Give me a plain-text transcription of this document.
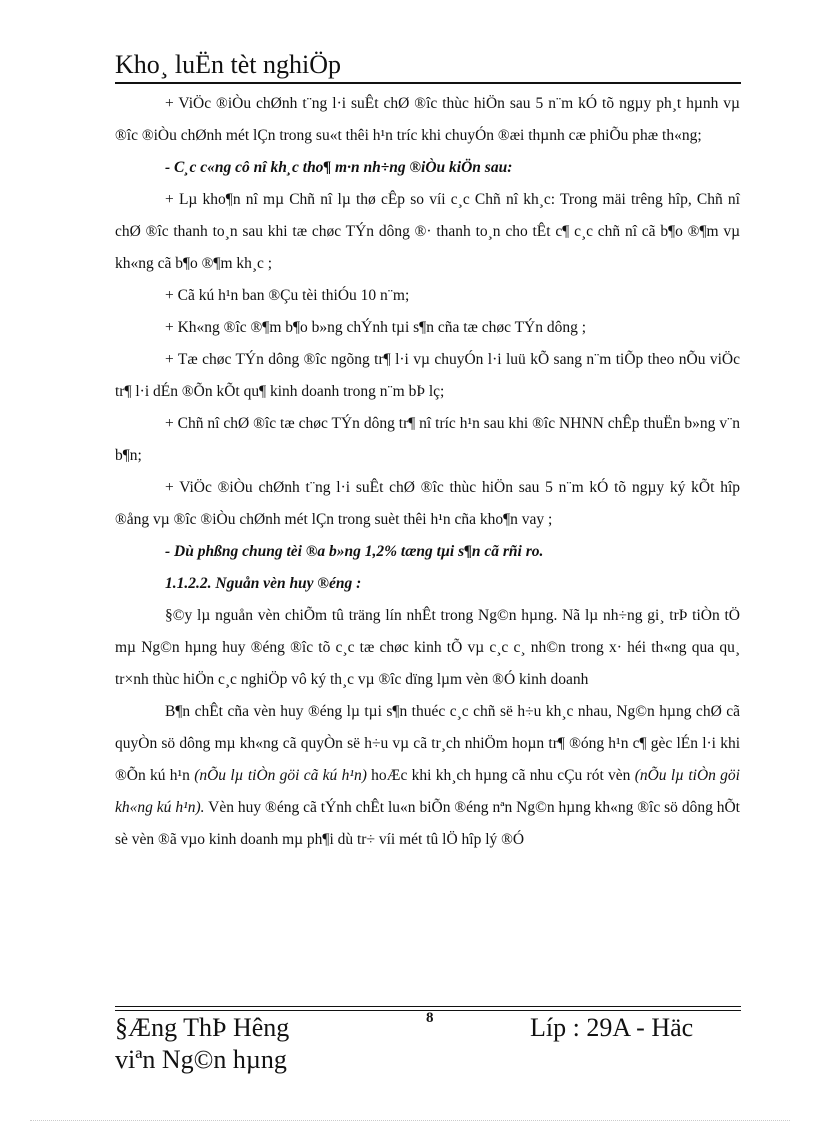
Kho¸ luËn tèt nghiÖp

+ ViÖc ®iÒu chØnh t¨ng l·i suÊt chØ ®îc thùc hiÖn sau 5 n¨m kÓ tõ ngµy ph¸t hµnh vµ ®îc ®iÒu chØnh mét lÇn trong su«t thêi h¹n tríc khi chuyÓn ®æi thµnh cæ phiÕu phæ th«ng;

- C¸c c«ng cô nî kh¸c tho¶ m·n nh÷ng ®iÒu kiÖn sau:

+ Lµ kho¶n nî mµ Chñ nî lµ thø cÊp so víi c¸c Chñ nî kh¸c: Trong mäi trêng hîp, Chñ nî chØ ®îc thanh to¸n sau khi tæ chøc TÝn dông ®· thanh to¸n cho tÊt c¶ c¸c chñ nî cã b¶o ®¶m vµ kh«ng cã b¶o ®¶m kh¸c ;

+ Cã kú h¹n ban ®Çu tèi thiÓu 10 n¨m;

+ Kh«ng ®îc ®¶m b¶o b»ng chÝnh tµi s¶n cña tæ chøc TÝn dông ;

+ Tæ chøc TÝn dông ®îc ngõng tr¶ l·i vµ chuyÓn l·i luü kÕ sang n¨m tiÕp theo nÕu viÖc tr¶ l·i dÉn ®Õn kÕt qu¶ kinh doanh trong n¨m bÞ lç;

+ Chñ nî chØ ®îc tæ chøc TÝn dông tr¶ nî tríc h¹n sau khi ®îc NHNN chÊp thuËn b»ng v¨n b¶n;

+ ViÖc ®iÒu chØnh t¨ng l·i suÊt chØ ®îc thùc hiÖn sau 5 n¨m kÓ tõ ngµy ký kÕt hîp ®ång vµ ®îc ®iÒu chØnh mét lÇn trong suèt thêi h¹n cña kho¶n vay ;

- Dù phßng chung tèi ®a b»ng 1,2% tæng tµi s¶n cã rñi ro.

1.1.2.2. Nguån vèn huy ®éng :

§©y lµ nguån vèn chiÕm tû träng lín nhÊt trong Ng©n hµng. Nã lµ nh÷ng gi¸ trÞ tiÒn tÖ mµ Ng©n hµng huy ®éng ®îc tõ c¸c tæ chøc kinh tÕ vµ c¸c c¸ nh©n trong x· héi th«ng qua qu¸ tr×nh thùc hiÖn c¸c nghiÖp vô ký th¸c vµ ®îc dïng lµm vèn ®Ó kinh doanh

B¶n chÊt cña vèn huy ®éng lµ tµi s¶n thuéc c¸c chñ së h÷u kh¸c nhau, Ng©n hµng chØ cã quyÒn sö dông mµ kh«ng cã quyÒn së h÷u vµ cã tr¸ch nhiÖm hoµn tr¶ ®óng h¹n c¶ gèc lÉn l·i khi ®Õn kú h¹n (nÕu lµ tiÒn göi cã kú h¹n) hoÆc khi kh¸ch hµng cã nhu cÇu rót vèn (nÕu lµ tiÒn göi kh«ng kú h¹n). Vèn huy ®éng cã tÝnh chÊt lu«n biÕn ®éng nªn Ng©n hµng kh«ng ®îc sö dông hÕt sè vèn ®ã vµo kinh doanh mµ ph¶i dù tr÷ víi mét tû lÖ hîp lý ®Ó

§Æng ThÞ Hêng viªn Ng©n hµng
8	Líp : 29A - Häc
